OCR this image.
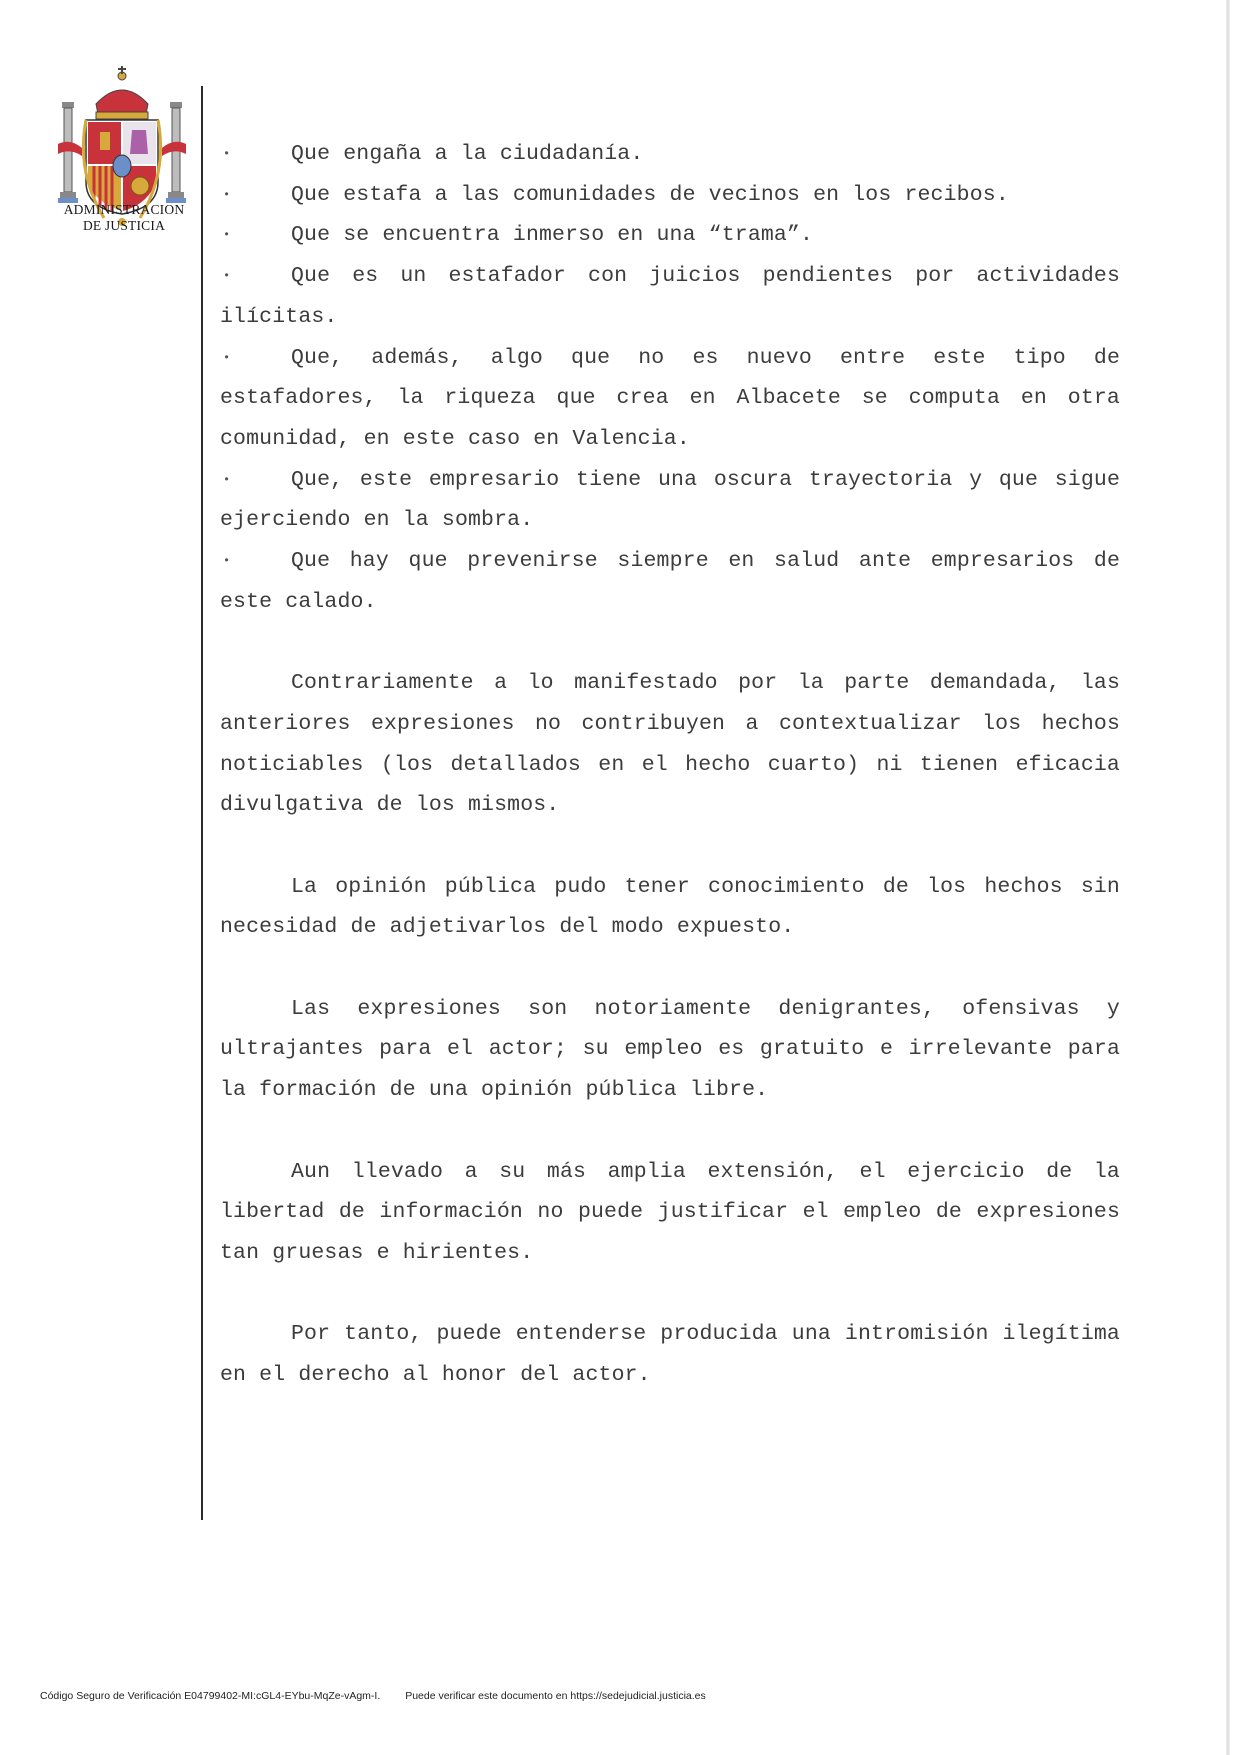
ADMINISTRACION
DE JUSTICIA
•	Que engaña a la ciudadanía.
•	Que estafa a las comunidades de vecinos en los recibos.
•	Que se encuentra inmerso en una “trama”.
•	Que es un estafador con juicios pendientes por actividades ilícitas.
•	Que, además, algo que no es nuevo entre este tipo de estafadores, la riqueza que crea en Albacete se computa en otra comunidad, en este caso en Valencia.
•	Que, este empresario tiene una oscura trayectoria y que sigue ejerciendo en la sombra.
•	Que hay que prevenirse siempre en salud ante empresarios de este calado.

Contrariamente a lo manifestado por la parte demandada, las anteriores expresiones no contribuyen a contextualizar los hechos noticiables (los detallados en el hecho cuarto) ni tienen eficacia divulgativa de los mismos.

La opinión pública pudo tener conocimiento de los hechos sin necesidad de adjetivarlos del modo expuesto.

Las expresiones son notoriamente denigrantes, ofensivas y ultrajantes para el actor; su empleo es gratuito e irrelevante para la formación de una opinión pública libre.

Aun llevado a su más amplia extensión, el ejercicio de la libertad de información no puede justificar el empleo de expresiones tan gruesas e hirientes.

Por tanto, puede entenderse producida una intromisión ilegítima en el derecho al honor del actor.

Código Seguro de Verificación E04799402-MI:cGL4-EYbu-MqZe-vAgm-I. Puede verificar este documento en https://sedejudicial.justicia.es
